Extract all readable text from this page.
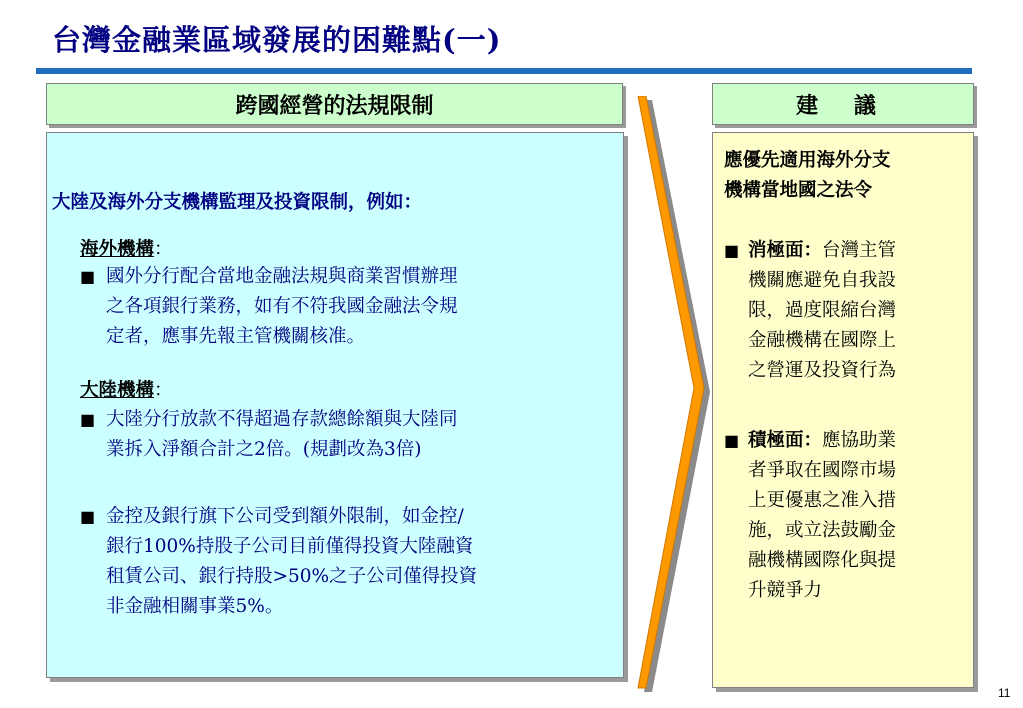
台灣金融業區域發展的困難點(一)
跨國經營的法規限制	建 議
大陸及海外分支機構監理及投資限制，例如：
海外機構：
■ 國外分行配合當地金融法規與商業習慣辦理
之各項銀行業務，如有不符我國金融法令規
定者，應事先報主管機關核准。
大陸機構：
■ 大陸分行放款不得超過存款總餘額與大陸同
業拆入淨額合計之2倍。(規劃改為3倍)
■ 金控及銀行旗下公司受到額外限制，如金控/
銀行100%持股子公司目前僅得投資大陸融資
租賃公司、銀行持股>50%之子公司僅得投資
非金融相關事業5%。
應優先適用海外分支
機構當地國之法令
■ 消極面：台灣主管
機關應避免自我設
限，過度限縮台灣
金融機構在國際上
之營運及投資行為
■ 積極面：應協助業
者爭取在國際市場
上更優惠之准入措
施，或立法鼓勵金
融機構國際化與提
升競爭力
11
